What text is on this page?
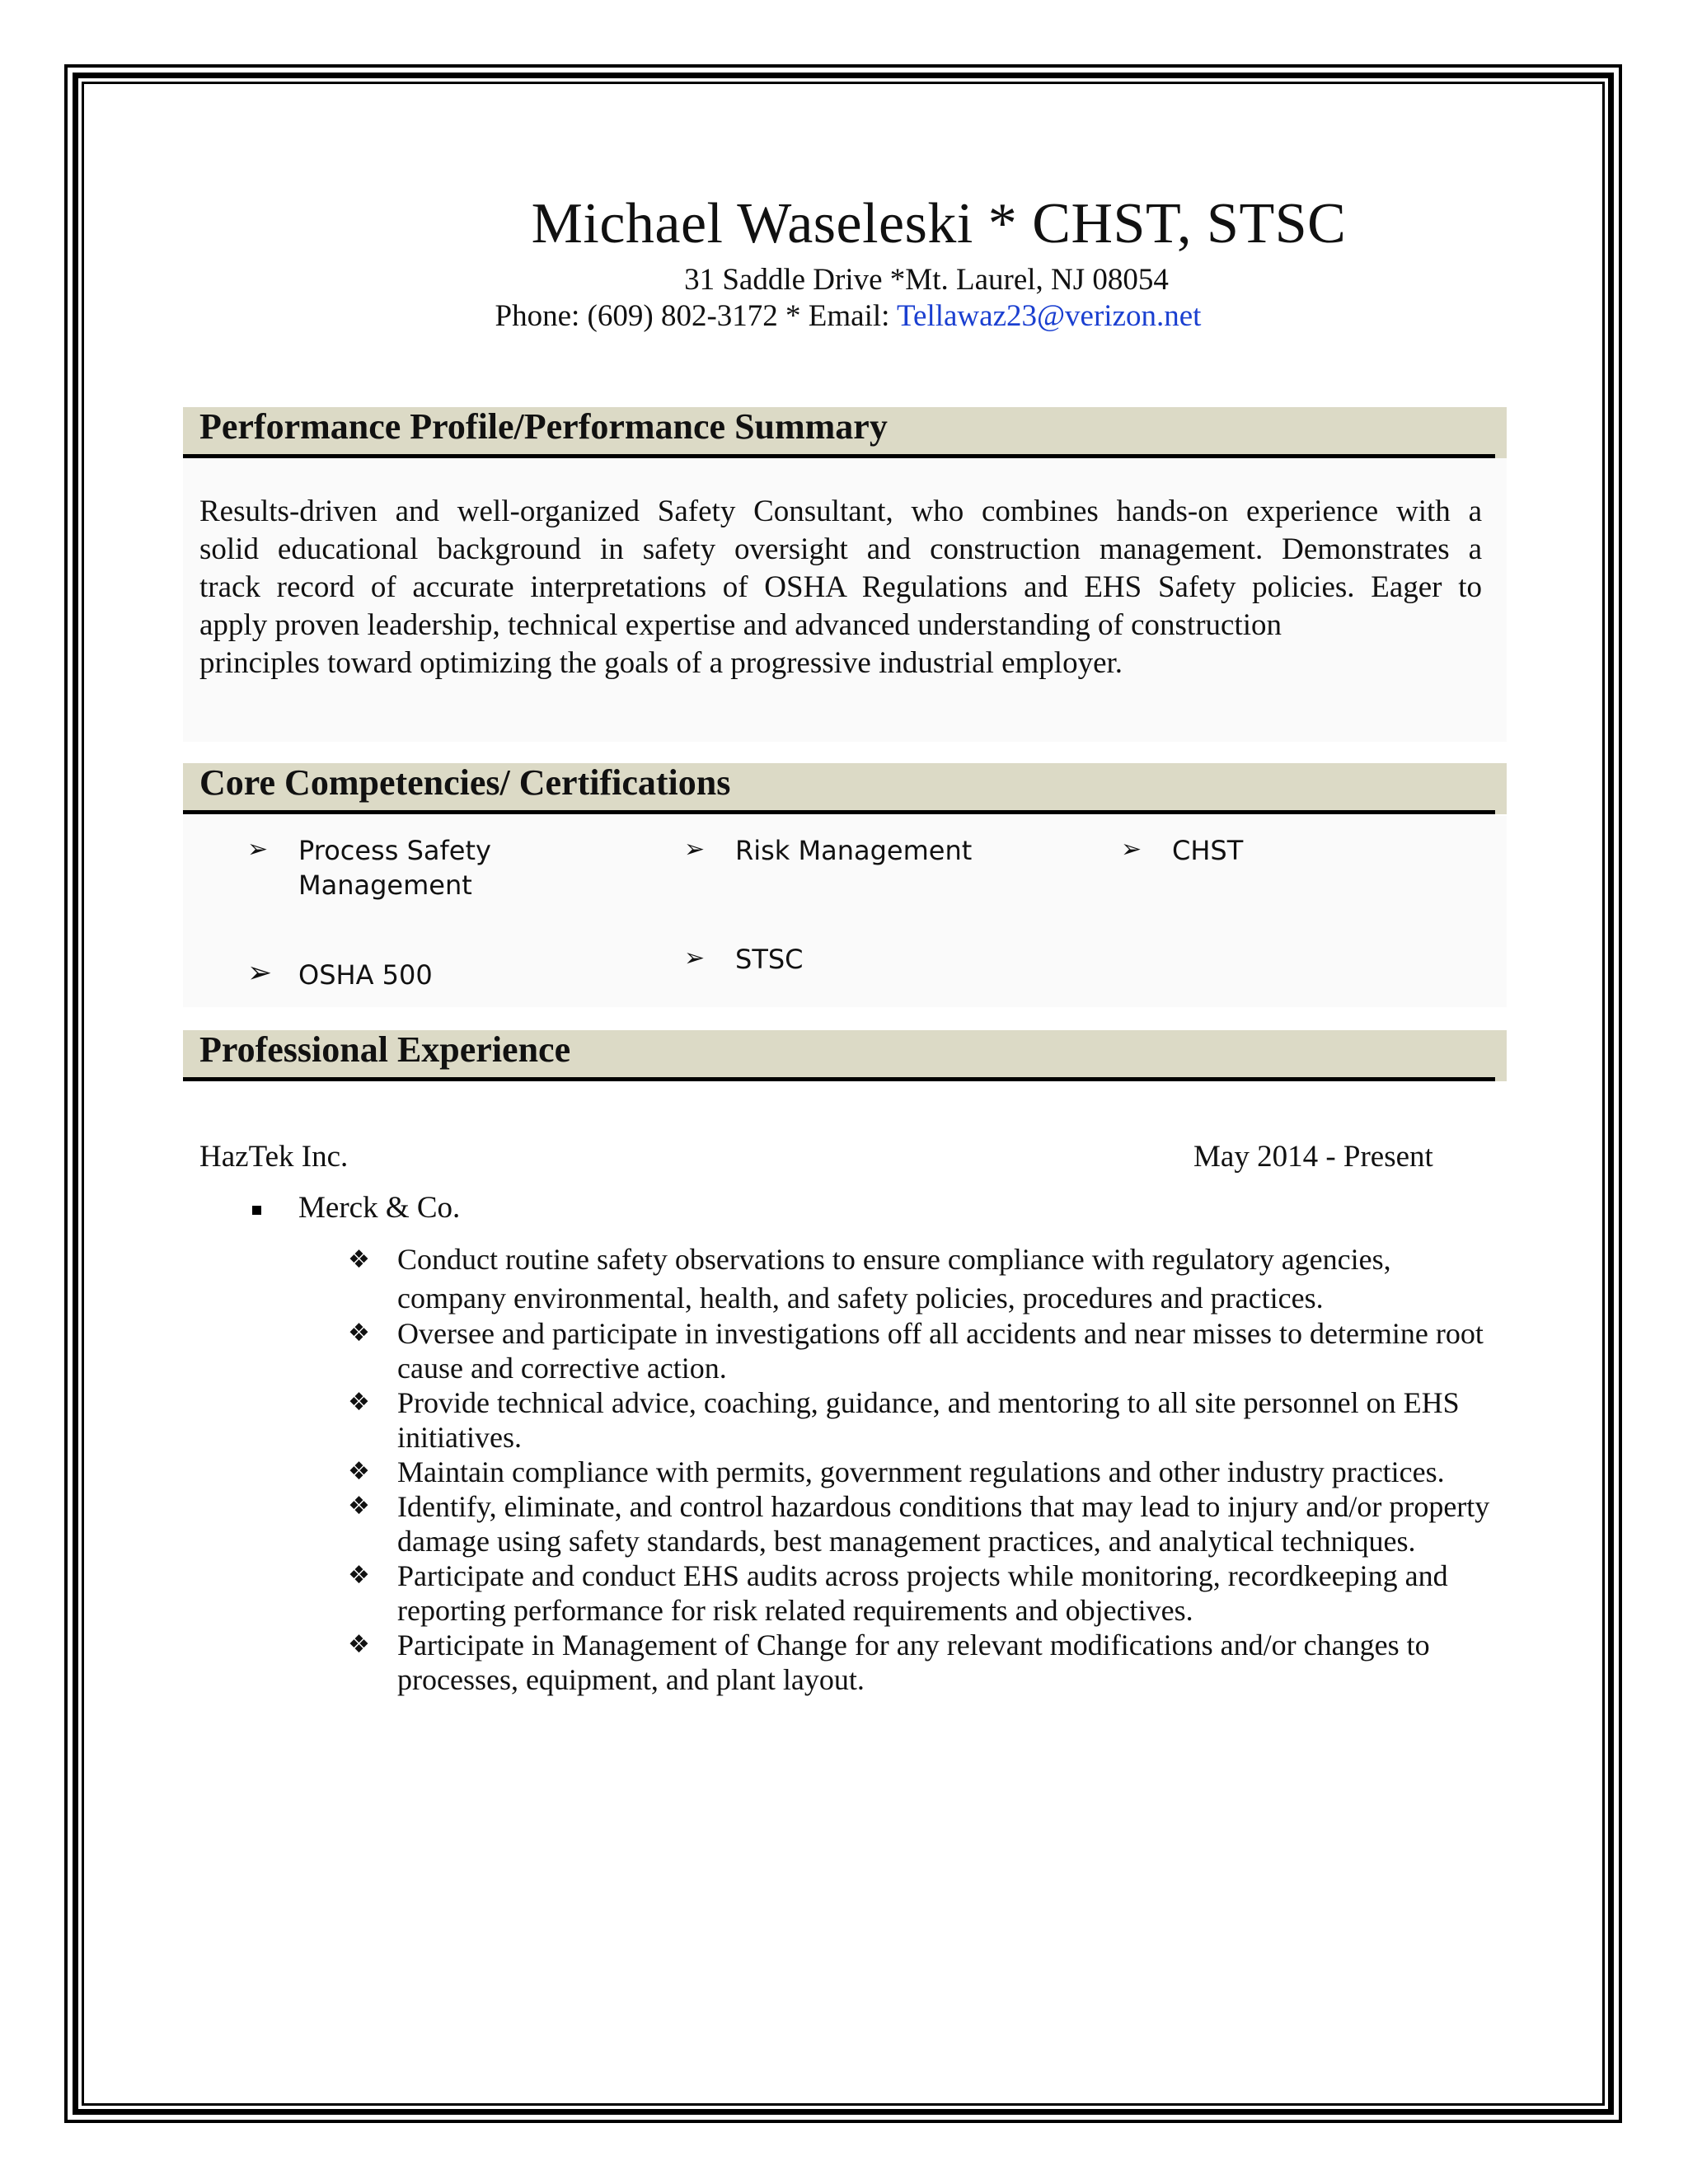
Michael Waseleski * CHST, STSC
31 Saddle Drive *Mt. Laurel, NJ 08054
Phone: (609) 802-3172 * Email: Tellawaz23@verizon.net
Performance Profile/Performance Summary
Results-driven and well-organized Safety Consultant, who combines hands-on experience with a
solid educational background in safety oversight and construction management. Demonstrates a
track record of accurate interpretations of OSHA Regulations and EHS Safety policies. Eager to
apply proven leadership, technical expertise and advanced understanding of construction
principles toward optimizing the goals of a progressive industrial employer.
Core Competencies/ Certifications
➢ Process Safety
Management
➢ Risk Management	➢ CHST
➢ OSHA 500
➢ STSC
Professional Experience
HazTek Inc.	May 2014 - Present
Merck & Co.
❖ Conduct routine safety observations to ensure compliance with regulatory agencies, company environmental, health, and safety policies, procedures and practices.
❖ Oversee and participate in investigations off all accidents and near misses to determine root cause and corrective action.
❖ Provide technical advice, coaching, guidance, and mentoring to all site personnel on EHS initiatives.
❖ Maintain compliance with permits, government regulations and other industry practices.
❖ Identify, eliminate, and control hazardous conditions that may lead to injury and/or property damage using safety standards, best management practices, and analytical techniques.
❖ Participate and conduct EHS audits across projects while monitoring, recordkeeping and reporting performance for risk related requirements and objectives.
❖ Participate in Management of Change for any relevant modifications and/or changes to processes, equipment, and plant layout.
